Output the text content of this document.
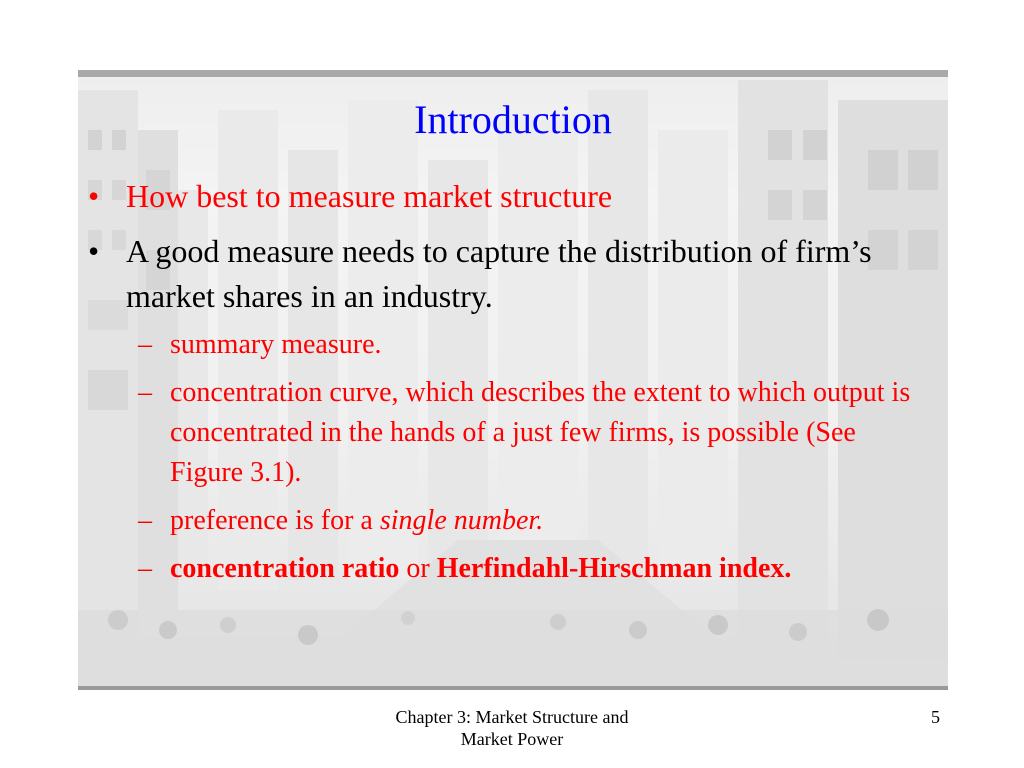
Introduction
• How best to measure market structure
• A good measure needs to capture the distribution of firm’s market shares in an industry.
– summary measure.
– concentration curve, which describes the extent to which output is concentrated in the hands of a just few firms, is possible (See Figure 3.1).
– preference is for a single number.
– concentration ratio or Herfindahl-Hirschman index.
Chapter 3: Market Structure and
Market Power
5
